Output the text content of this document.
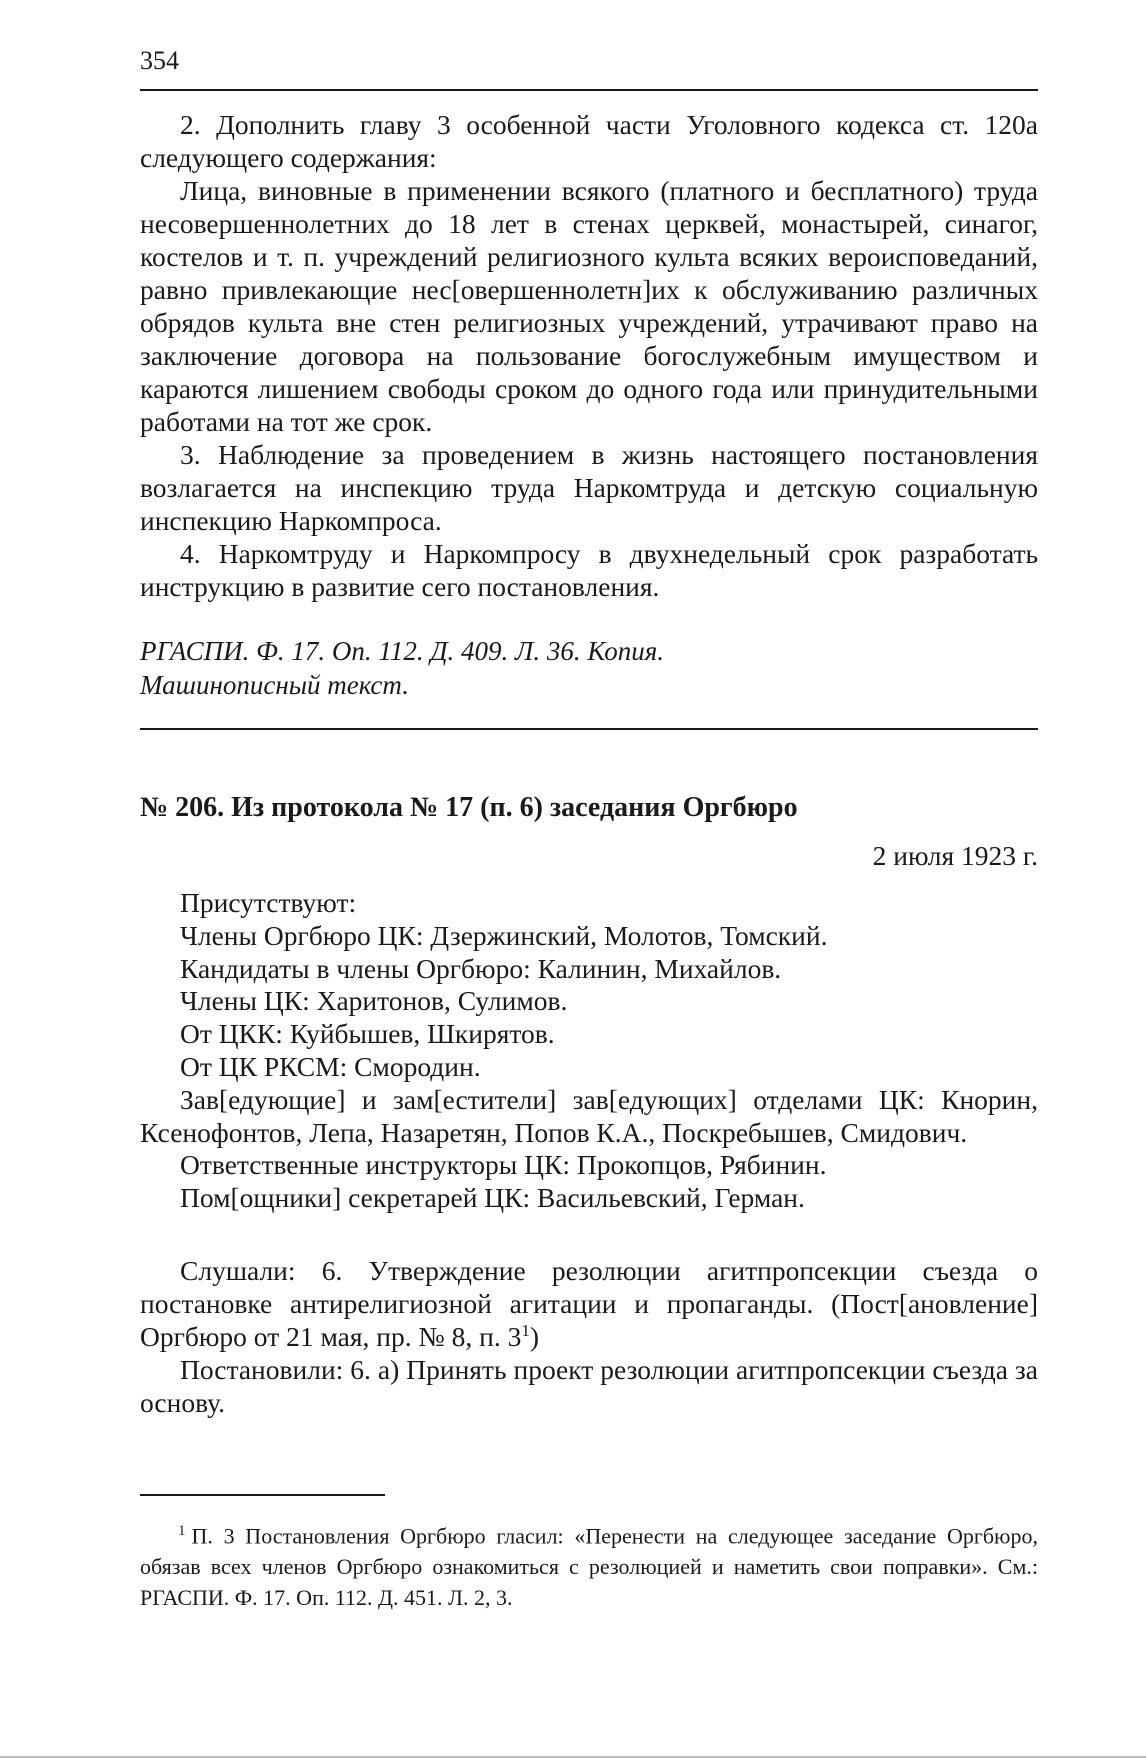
354

2. Дополнить главу 3 особенной части Уголовного кодекса ст. 120а следующего содержания:

Лица, виновные в применении всякого (платного и бесплатного) труда несовершеннолетних до 18 лет в стенах церквей, монастырей, синагог, костелов и т. п. учреждений религиозного культа всяких вероисповеданий, равно привлекающие нес[овершеннолетн]их к обслуживанию различных обрядов культа вне стен религиозных учреждений, утрачивают право на заключение договора на пользование богослужебным имуществом и караются лишением свободы сроком до одного года или принудительными работами на тот же срок.

3. Наблюдение за проведением в жизнь настоящего постановления возлагается на инспекцию труда Наркомтруда и детскую социальную инспекцию Наркомпроса.

4. Наркомтруду и Наркомпросу в двухнедельный срок разработать инструкцию в развитие сего постановления.

РГАСПИ. Ф. 17. Оп. 112. Д. 409. Л. 36. Копия.
Машинописный текст.
№ 206. Из протокола № 17 (п. 6) заседания Оргбюро
2 июля 1923 г.

Присутствуют:

Члены Оргбюро ЦК: Дзержинский, Молотов, Томский.

Кандидаты в члены Оргбюро: Калинин, Михайлов.

Члены ЦК: Харитонов, Сулимов.

От ЦКК: Куйбышев, Шкирятов.

От ЦК РКСМ: Смородин.

Зав[едующие] и зам[естители] зав[едующих] отделами ЦК: Кнорин, Ксенофонтов, Лепа, Назаретян, Попов К.А., Поскребышев, Смидович.

Ответственные инструкторы ЦК: Прокопцов, Рябинин.

Пом[ощники] секретарей ЦК: Васильевский, Герман.

Слушали: 6. Утверждение резолюции агитпропсекции съезда о постановке антирелигиозной агитации и пропаганды. (Пост[ановление] Оргбюро от 21 мая, пр. № 8, п. 3$^1$)

Постановили: 6. а) Принять проект резолюции агитпропсекции съезда за основу.

$^1$ П. 3 Постановления Оргбюро гласил: «Перенести на следующее заседание Оргбюро, обязав всех членов Оргбюро ознакомиться с резолюцией и наметить свои поправки». См.: РГАСПИ. Ф. 17. Оп. 112. Д. 451. Л. 2, 3.
